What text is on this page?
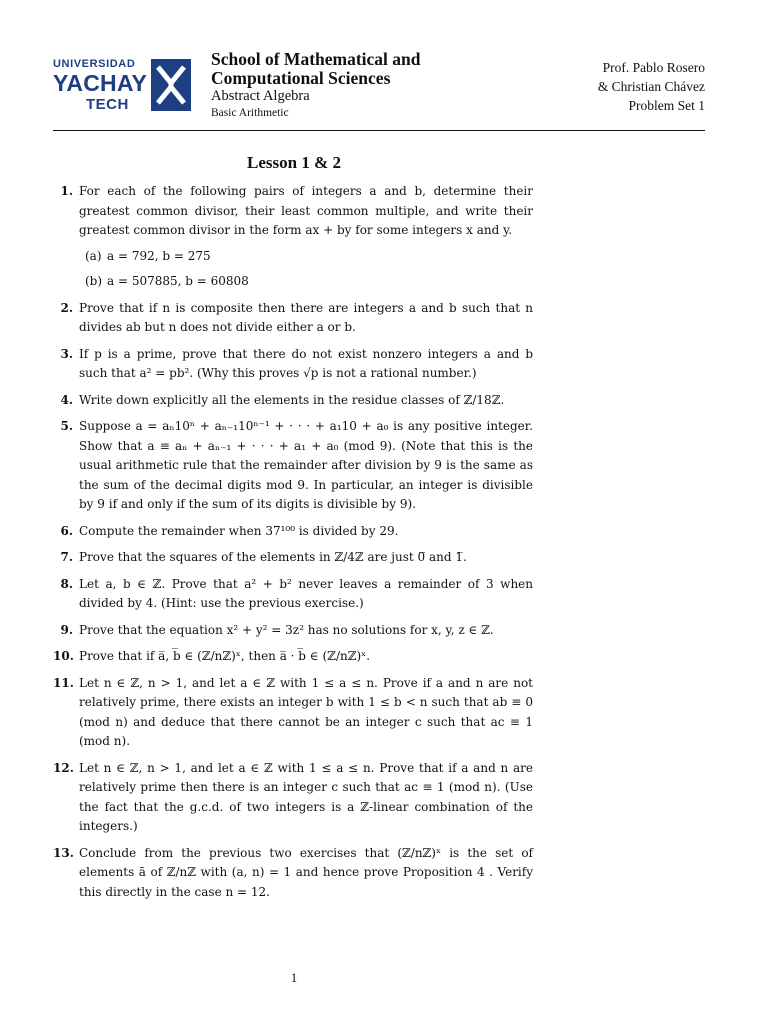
UNIVERSIDAD
YACHAY
TECH
School of Mathematical and
Computational Sciences
Abstract Algebra
Basic Arithmetic
Prof. Pablo Rosero
& Christian Chávez
Problem Set 1
Lesson 1 & 2
1. For each of the following pairs of integers a and b, determine their greatest common divisor, their least common multiple, and write their greatest common divisor in the form ax + by for some integers x and y.
(a) a = 792, b = 275
(b) a = 507885, b = 60808
2. Prove that if n is composite then there are integers a and b such that n divides ab but n does not divide either a or b.
3. If p is a prime, prove that there do not exist nonzero integers a and b such that a² = pb². (Why this proves √p is not a rational number.)
4. Write down explicitly all the elements in the residue classes of ℤ/18ℤ.
5. Suppose a = aₙ10ⁿ + aₙ₋₁10ⁿ⁻¹ + · · · + a₁10 + a₀ is any positive integer. Show that a ≡ aₙ + aₙ₋₁ + · · · + a₁ + a₀ (mod 9). (Note that this is the usual arithmetic rule that the remainder after division by 9 is the same as the sum of the decimal digits mod 9. In particular, an integer is divisible by 9 if and only if the sum of its digits is divisible by 9).
6. Compute the remainder when 37¹⁰⁰ is divided by 29.
7. Prove that the squares of the elements in ℤ/4ℤ are just 0̅ and 1̅.
8. Let a, b ∈ ℤ. Prove that a² + b² never leaves a remainder of 3 when divided by 4. (Hint: use the previous exercise.)
9. Prove that the equation x² + y² = 3z² has no solutions for x, y, z ∈ ℤ.
10. Prove that if a̅, b̅ ∈ (ℤ/nℤ)ˣ, then a̅ · b̅ ∈ (ℤ/nℤ)ˣ.
11. Let n ∈ ℤ, n > 1, and let a ∈ ℤ with 1 ≤ a ≤ n. Prove if a and n are not relatively prime, there exists an integer b with 1 ≤ b < n such that ab ≡ 0 (mod n) and deduce that there cannot be an integer c such that ac ≡ 1 (mod n).
12. Let n ∈ ℤ, n > 1, and let a ∈ ℤ with 1 ≤ a ≤ n. Prove that if a and n are relatively prime then there is an integer c such that ac ≡ 1 (mod n). (Use the fact that the g.c.d. of two integers is a ℤ-linear combination of the integers.)
13. Conclude from the previous two exercises that (ℤ/nℤ)ˣ is the set of elements ā of ℤ/nℤ with (a, n) = 1 and hence prove Proposition 4 . Verify this directly in the case n = 12.
1
